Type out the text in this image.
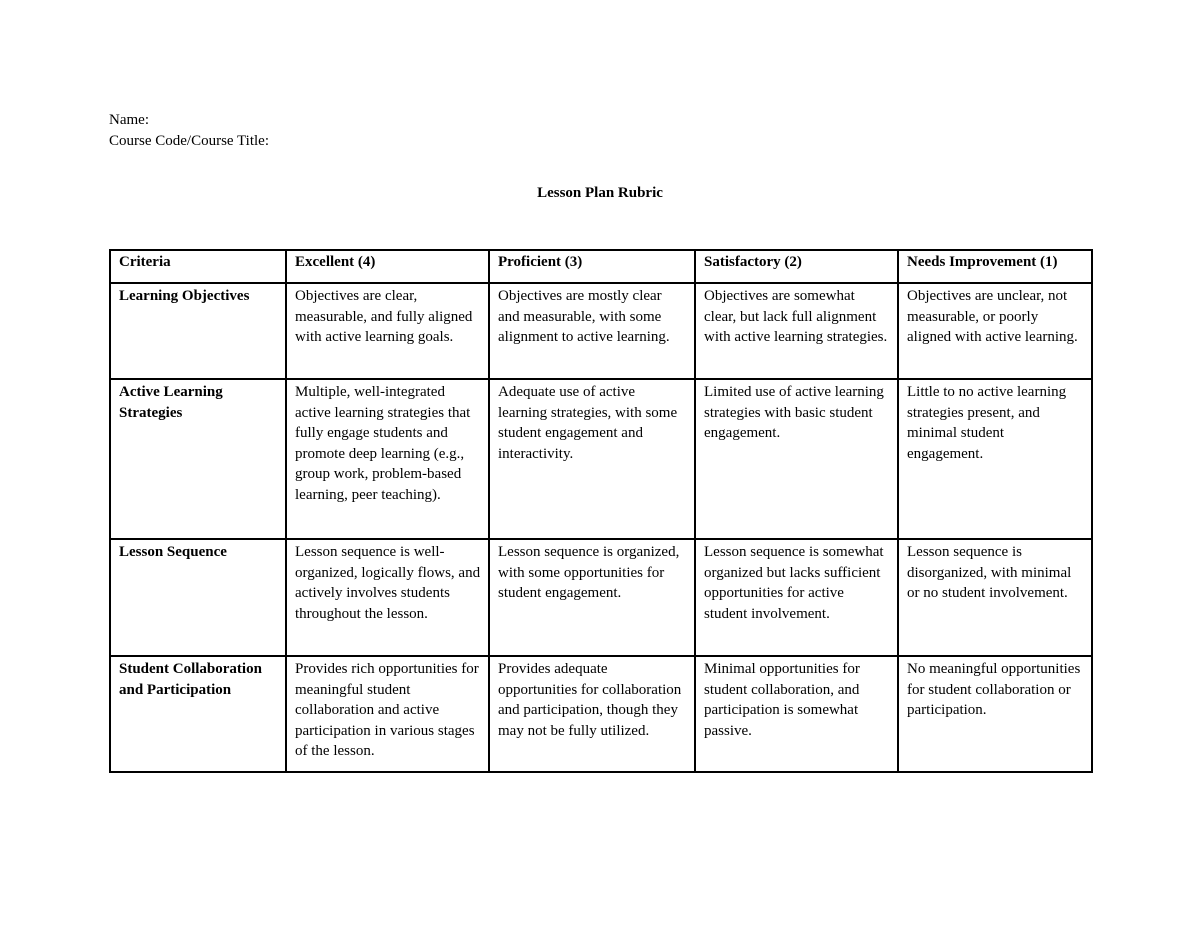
Name:
Course Code/Course Title:
Lesson Plan Rubric
Criteria	Excellent (4)	Proficient (3)	Satisfactory (2)	Needs Improvement (1)
Learning Objectives	Objectives are clear, measurable, and fully aligned with active learning goals.	Objectives are mostly clear and measurable, with some alignment to active learning.	Objectives are somewhat clear, but lack full alignment with active learning strategies.	Objectives are unclear, not measurable, or poorly aligned with active learning.
Active Learning Strategies	Multiple, well-integrated active learning strategies that fully engage students and promote deep learning (e.g., group work, problem-based learning, peer teaching).	Adequate use of active learning strategies, with some student engagement and interactivity.	Limited use of active learning strategies with basic student engagement.	Little to no active learning strategies present, and minimal student engagement.
Lesson Sequence	Lesson sequence is well-organized, logically flows, and actively involves students throughout the lesson.	Lesson sequence is organized, with some opportunities for student engagement.	Lesson sequence is somewhat organized but lacks sufficient opportunities for active student involvement.	Lesson sequence is disorganized, with minimal or no student involvement.
Student Collaboration and Participation	Provides rich opportunities for meaningful student collaboration and active participation in various stages of the lesson.	Provides adequate opportunities for collaboration and participation, though they may not be fully utilized.	Minimal opportunities for student collaboration, and participation is somewhat passive.	No meaningful opportunities for student collaboration or participation.
